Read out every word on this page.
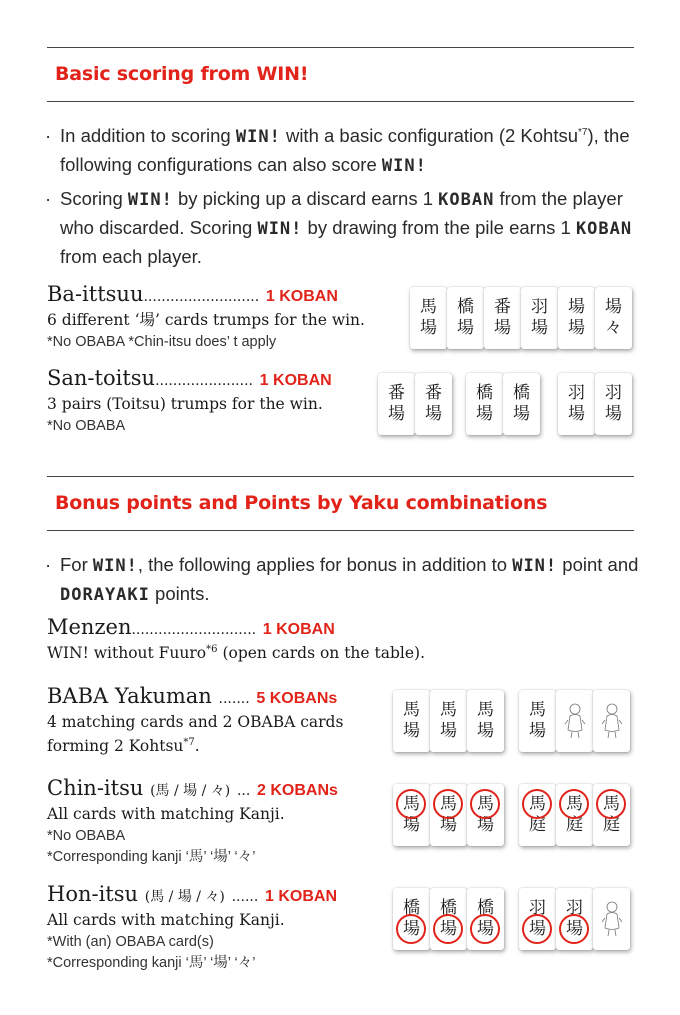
Basic scoring from WIN!
· In addition to scoring WIN! with a basic configuration (2 Kohtsu$^{*7}$), the following configurations can also score WIN!
· Scoring WIN! by picking up a discard earns 1 KOBAN from the player who discarded. Scoring WIN! by drawing from the pile earns 1 KOBAN from each player.
Ba-ittsuu.......................... 1 KOBAN
6 different ‘場’ cards trumps for the win.
*No OBABA *Chin-itsu does’ t apply
馬
場
橋
場
番
場
羽
場
場
場
場
々
San-toitsu...................... 1 KOBAN
3 pairs (Toitsu) trumps for the win.
*No OBABA
番
場
番
場
橋
場
橋
場
羽
場
羽
場
Bonus points and Points by Yaku combinations
· For WIN!, the following applies for bonus in addition to WIN! point and DORAYAKI points.
Menzen............................ 1 KOBAN
WIN! without Fuuro$^{*6}$ (open cards on the table).
BABA Yakuman ....... 5 KOBANs
4 matching cards and 2 OBABA cards
forming 2 Kohtsu$^{*7}$.
馬
場
馬
場
馬
場
馬
場
Chin-itsu (馬 / 場 / 々) ... 2 KOBANs
All cards with matching Kanji.
*No OBABA
*Corresponding kanji ‘馬’ ‘場’ ‘々’
馬
場
馬
場
馬
場
馬
庭
馬
庭
馬
庭
Hon-itsu (馬 / 場 / 々) ...... 1 KOBAN
All cards with matching Kanji.
*With (an) OBABA card(s)
*Corresponding kanji ‘馬’ ‘場’ ‘々’
橋
場
橋
場
橋
場
羽
場
羽
場
